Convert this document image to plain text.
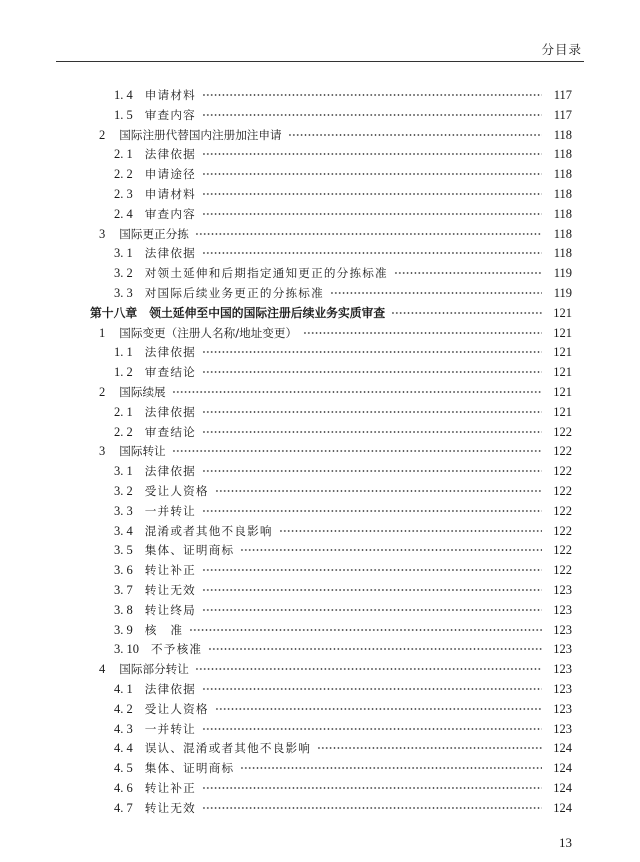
分目录
1. 4	申请材料	117
1. 5	审查内容	117
2	国际注册代替国内注册加注申请	118
2. 1	法律依据	118
2. 2	申请途径	118
2. 3	申请材料	118
2. 4	审查内容	118
3	国际更正分拣	118
3. 1	法律依据	118
3. 2	对领土延伸和后期指定通知更正的分拣标准	119
3. 3	对国际后续业务更正的分拣标准	119
第十八章	领土延伸至中国的国际注册后续业务实质审查	121
1	国际变更（注册人名称/地址变更）	121
1. 1	法律依据	121
1. 2	审查结论	121
2	国际续展	121
2. 1	法律依据	121
2. 2	审查结论	122
3	国际转让	122
3. 1	法律依据	122
3. 2	受让人资格	122
3. 3	一并转让	122
3. 4	混淆或者其他不良影响	122
3. 5	集体、证明商标	122
3. 6	转让补正	122
3. 7	转让无效	123
3. 8	转让终局	123
3. 9	核　准	123
3. 10	不予核准	123
4	国际部分转让	123
4. 1	法律依据	123
4. 2	受让人资格	123
4. 3	一并转让	123
4. 4	误认、混淆或者其他不良影响	124
4. 5	集体、证明商标	124
4. 6	转让补正	124
4. 7	转让无效	124
13
